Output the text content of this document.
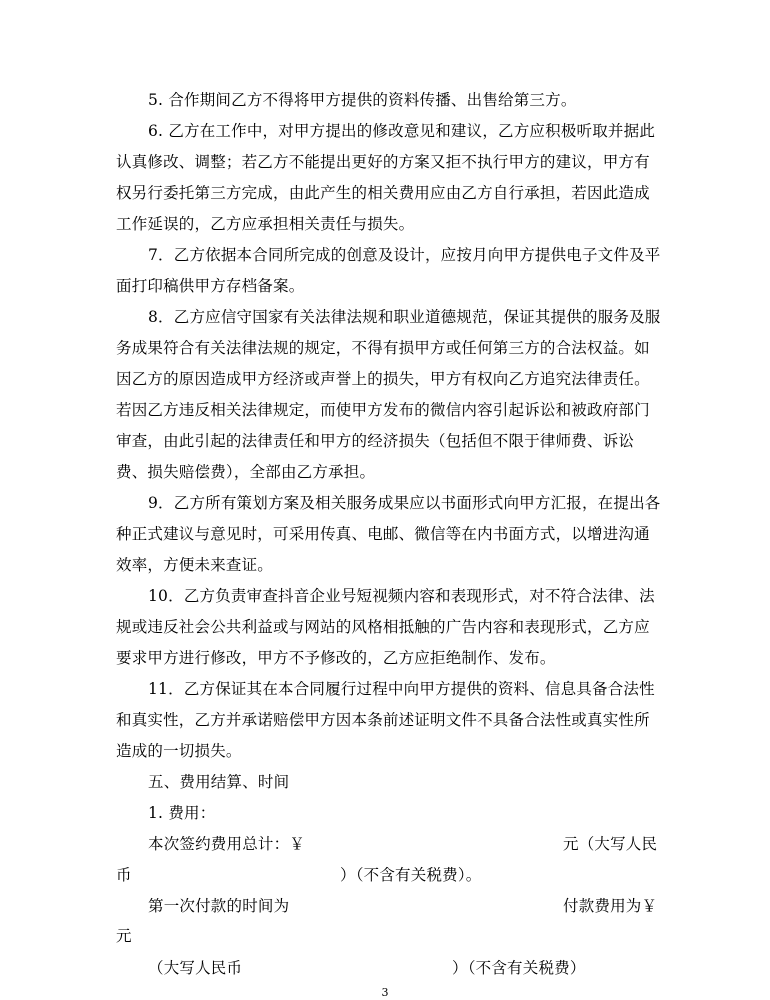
5. 合作期间乙方不得将甲方提供的资料传播、出售给第三方。
6. 乙方在工作中，对甲方提出的修改意见和建议，乙方应积极听取并据此
认真修改、调整；若乙方不能提出更好的方案又拒不执行甲方的建议，甲方有
权另行委托第三方完成，由此产生的相关费用应由乙方自行承担，若因此造成
工作延误的，乙方应承担相关责任与损失。
7．乙方依据本合同所完成的创意及设计，应按月向甲方提供电子文件及平
面打印稿供甲方存档备案。
8．乙方应信守国家有关法律法规和职业道德规范，保证其提供的服务及服
务成果符合有关法律法规的规定，不得有损甲方或任何第三方的合法权益。如
因乙方的原因造成甲方经济或声誉上的损失，甲方有权向乙方追究法律责任。
若因乙方违反相关法律规定，而使甲方发布的微信内容引起诉讼和被政府部门
审查，由此引起的法律责任和甲方的经济损失（包括但不限于律师费、诉讼
费、损失赔偿费），全部由乙方承担。
9．乙方所有策划方案及相关服务成果应以书面形式向甲方汇报，在提出各
种正式建议与意见时，可采用传真、电邮、微信等在内书面方式，以增进沟通
效率，方便未来查证。
10．乙方负责审查抖音企业号短视频内容和表现形式，对不符合法律、法
规或违反社会公共利益或与网站的风格相抵触的广告内容和表现形式，乙方应
要求甲方进行修改，甲方不予修改的，乙方应拒绝制作、发布。
11．乙方保证其在本合同履行过程中向甲方提供的资料、信息具备合法性
和真实性，乙方并承诺赔偿甲方因本条前述证明文件不具备合法性或真实性所
造成的一切损失。
五、费用结算、时间
1. 费用：
本次签约费用总计：￥	元（大写人民
币	）（不含有关税费）。
第一次付款的时间为	付款费用为￥
元
（大写人民币	）（不含有关税费）
3
